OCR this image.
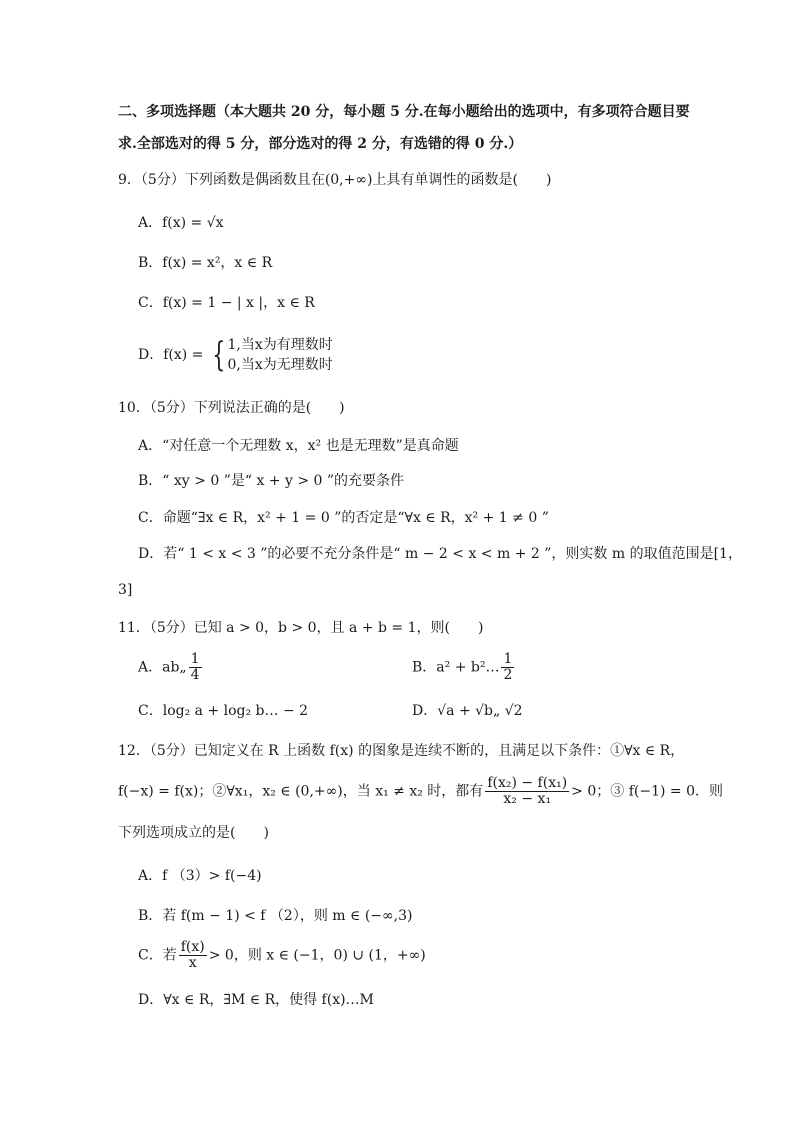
二、多项选择题（本大题共 20 分，每小题 5 分.在每小题给出的选项中，有多项符合题目要
求.全部选对的得 5 分，部分选对的得 2 分，有选错的得 0 分.）
9．（5分）下列函数是偶函数且在(0,+∞)上具有单调性的函数是(　　)
A．f(x) = √x
B．f(x) = x²，x ∈ R
C．f(x) = 1 − | x |，x ∈ R
D．f(x) = { 1,当x为有理数时
0,当x为无理数时
10．（5分）下列说法正确的是(　　)
A．“对任意一个无理数 x，x² 也是无理数”是真命题
B．“ xy > 0 ”是“ x + y > 0 ”的充要条件
C．命题“∃x ∈ R，x² + 1 = 0 ”的否定是“∀x ∈ R，x² + 1 ≠ 0 ”
D．若“ 1 < x < 3 ”的必要不充分条件是“ m − 2 < x < m + 2 ”，则实数 m 的取值范围是[1，
3]
11．（5分）已知 a > 0，b > 0，且 a + b = 1，则(　　)
A．ab„ $\frac{1}{4}$	B．a² + b²… $\frac{1}{2}$
C．log₂ a + log₂ b… − 2	D．√a + √b„ √2
12．（5分）已知定义在 R 上函数 f(x) 的图象是连续不断的，且满足以下条件：①∀x ∈ R，
f(−x) = f(x)；②∀x₁，x₂ ∈ (0,+∞)，当 x₁ ≠ x₂ 时，都有 $\frac{\text{f(x₂) − f(x₁)}}{\text{x₂ − x₁}} > 0$；③ f(−1) = 0．则
下列选项成立的是(　　)
A．f （3）> f(−4)
B．若 f(m − 1) < f （2），则 m ∈ (−∞,3)
C．若 $\frac{f(x)}{x} > 0$，则 x ∈ (−1，0) ∪ (1，+∞)
D．∀x ∈ R，∃M ∈ R，使得 f(x)…M
